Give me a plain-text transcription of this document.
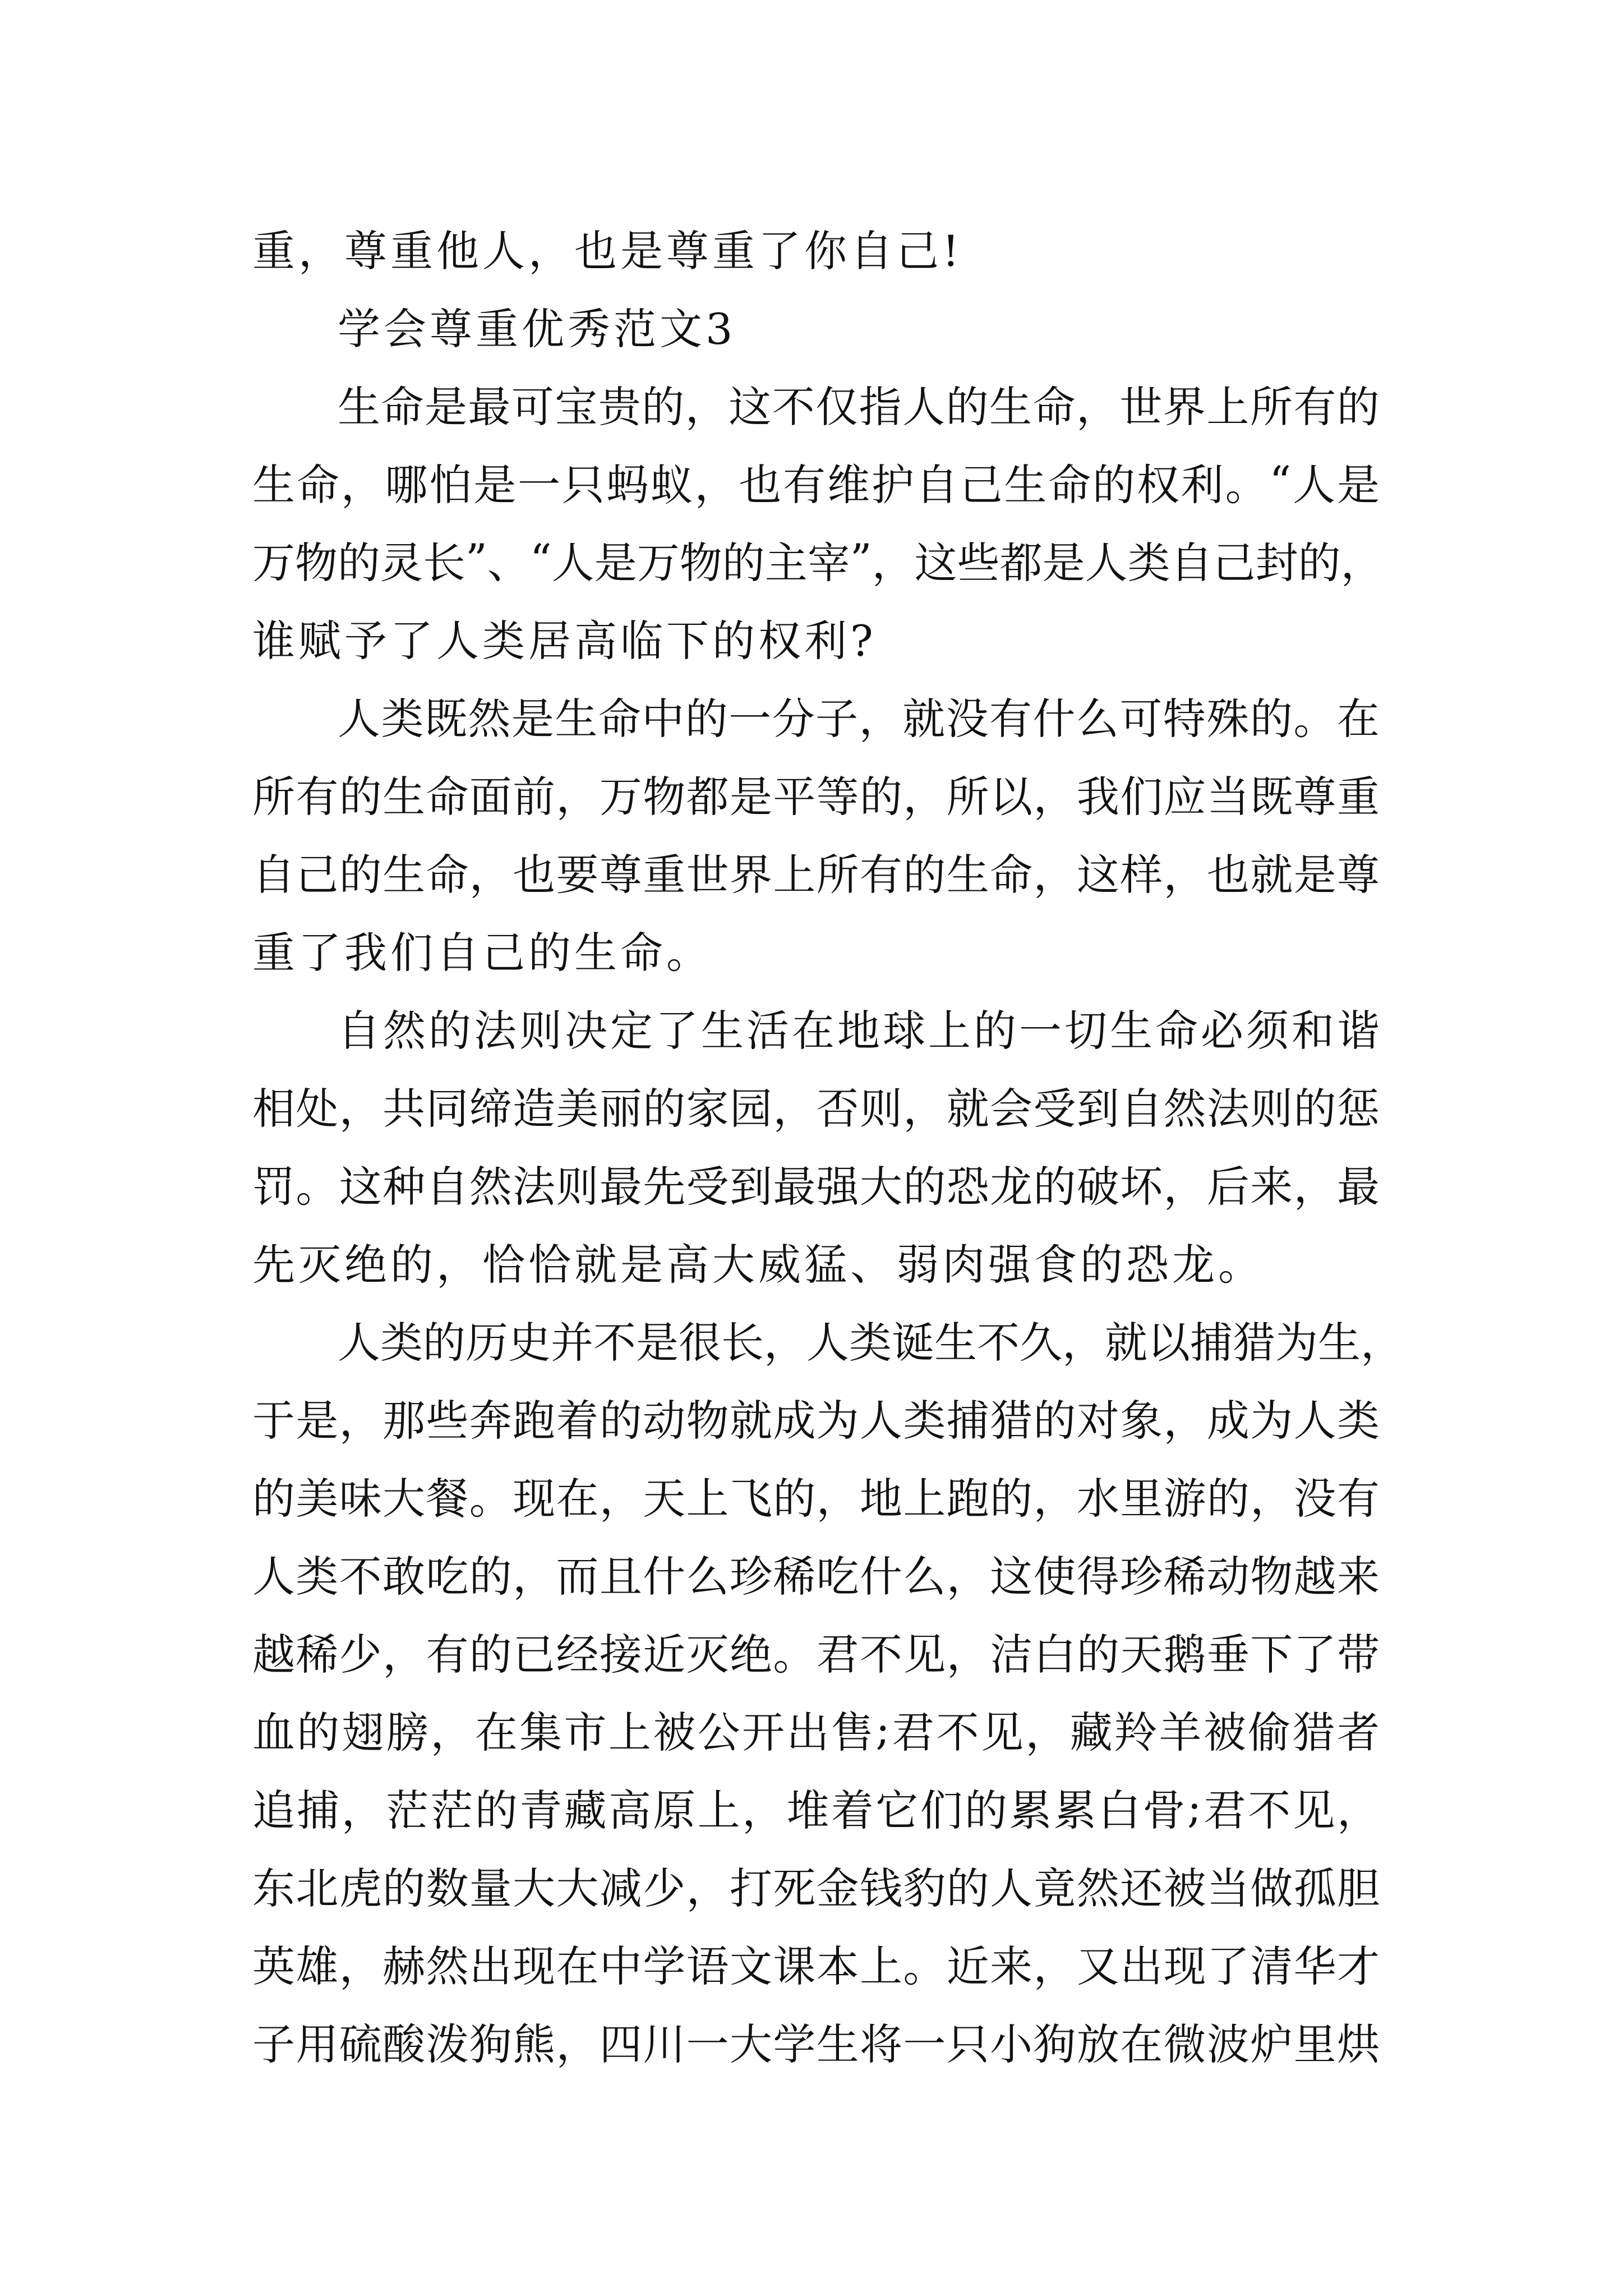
重，尊重他人，也是尊重了你自己!
学会尊重优秀范文3
生 命 是 最 可 宝 贵 的 ， 这 不 仅 指 人 的 生 命 ， 世 界 上 所 有 的
生 命 ， 哪 怕 是 一 只 蚂 蚁 ， 也 有 维 护 自 己 生 命 的 权 利 。 “ 人 是
万 物 的 灵 长 ” 、 “ 人 是 万 物 的 主 宰 ” ， 这 些 都 是 人 类 自 己 封 的 ，
谁赋予了人类居高临下的权利?
人 类 既 然 是 生 命 中 的 一 分 子 ， 就 没 有 什 么 可 特 殊 的 。 在
所 有 的 生 命 面 前 ， 万 物 都 是 平 等 的 ， 所 以 ， 我 们 应 当 既 尊 重
自 己 的 生 命 ， 也 要 尊 重 世 界 上 所 有 的 生 命 ， 这 样 ， 也 就 是 尊
重了我们自己的生命。
自 然 的 法 则 决 定 了 生 活 在 地 球 上 的 一 切 生 命 必 须 和 谐
相 处 ， 共 同 缔 造 美 丽 的 家 园 ， 否 则 ， 就 会 受 到 自 然 法 则 的 惩
罚 。 这 种 自 然 法 则 最 先 受 到 最 强 大 的 恐 龙 的 破 坏 ， 后 来 ， 最
先灭绝的，恰恰就是高大威猛、弱肉强食的恐龙。
人 类 的 历 史 并 不 是 很 长 ， 人 类 诞 生 不 久 ， 就 以 捕 猎 为 生 ，
于 是 ， 那 些 奔 跑 着 的 动 物 就 成 为 人 类 捕 猎 的 对 象 ， 成 为 人 类
的 美 味 大 餐 。 现 在 ， 天 上 飞 的 ， 地 上 跑 的 ， 水 里 游 的 ， 没 有
人 类 不 敢 吃 的 ， 而 且 什 么 珍 稀 吃 什 么 ， 这 使 得 珍 稀 动 物 越 来
越 稀 少 ， 有 的 已 经 接 近 灭 绝 。 君 不 见 ， 洁 白 的 天 鹅 垂 下 了 带
血 的 翅 膀 ， 在 集 市 上 被 公 开 出 售 ; 君 不 见 ， 藏 羚 羊 被 偷 猎 者
追 捕 ， 茫 茫 的 青 藏 高 原 上 ， 堆 着 它 们 的 累 累 白 骨 ; 君 不 见 ，
东 北 虎 的 数 量 大 大 减 少 ， 打 死 金 钱 豹 的 人 竟 然 还 被 当 做 孤 胆
英 雄 ， 赫 然 出 现 在 中 学 语 文 课 本 上 。 近 来 ， 又 出 现 了 清 华 才
子 用 硫 酸 泼 狗 熊 ， 四 川 一 大 学 生 将 一 只 小 狗 放 在 微 波 炉 里 烘
